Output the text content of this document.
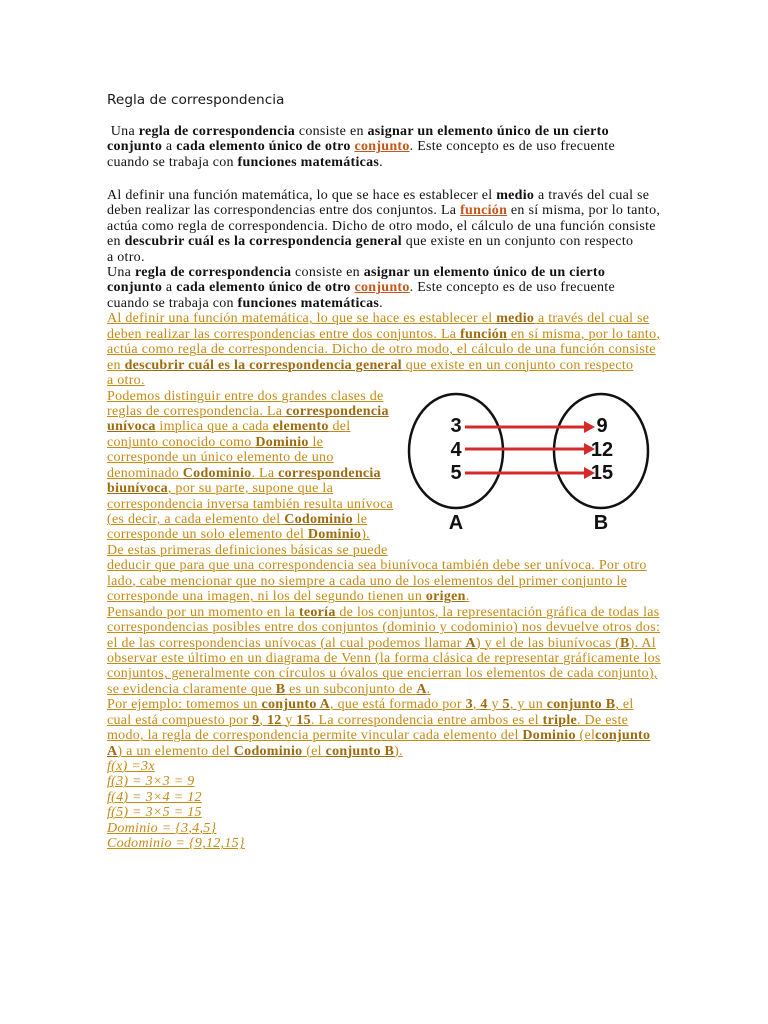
Regla de correspondencia
Una regla de correspondencia consiste en asignar un elemento único de un cierto
conjunto a cada elemento único de otro conjunto. Este concepto es de uso frecuente
cuando se trabaja con funciones matemáticas.
Al definir una función matemática, lo que se hace es establecer el medio a través del cual se
deben realizar las correspondencias entre dos conjuntos. La función en sí misma, por lo tanto,
actúa como regla de correspondencia. Dicho de otro modo, el cálculo de una función consiste
en descubrir cuál es la correspondencia general que existe en un conjunto con respecto
a otro.
Una regla de correspondencia consiste en asignar un elemento único de un cierto
conjunto a cada elemento único de otro conjunto. Este concepto es de uso frecuente
cuando se trabaja con funciones matemáticas.
Al definir una función matemática, lo que se hace es establecer el medio a través del cual se
deben realizar las correspondencias entre dos conjuntos. La función en sí misma, por lo tanto,
actúa como regla de correspondencia. Dicho de otro modo, el cálculo de una función consiste
en descubrir cuál es la correspondencia general que existe en un conjunto con respecto
a otro.
Podemos distinguir entre dos grandes clases de
reglas de correspondencia. La correspondencia
unívoca implica que a cada elemento del
conjunto conocido como Dominio le
corresponde un único elemento de uno
denominado Codominio. La correspondencia
biunívoca, por su parte, supone que la
correspondencia inversa también resulta unívoca
(es decir, a cada elemento del Codominio le
corresponde un solo elemento del Dominio).
De estas primeras definiciones básicas se puede
deducir que para que una correspondencia sea biunívoca también debe ser unívoca. Por otro
lado, cabe mencionar que no siempre a cada uno de los elementos del primer conjunto le
corresponde una imagen, ni los del segundo tienen un origen.
Pensando por un momento en la teoría de los conjuntos, la representación gráfica de todas las
correspondencias posibles entre dos conjuntos (dominio y codominio) nos devuelve otros dos:
el de las correspondencias unívocas (al cual podemos llamar A) y el de las biunívocas (B). Al
observar este último en un diagrama de Venn (la forma clásica de representar gráficamente los
conjuntos, generalmente con círculos u óvalos que encierran los elementos de cada conjunto),
se evidencia claramente que B es un subconjunto de A.
Por ejemplo: tomemos un conjunto A, que está formado por 3, 4 y 5, y un conjunto B, el
cual está compuesto por 9, 12 y 15. La correspondencia entre ambos es el triple. De este
modo, la regla de correspondencia permite vincular cada elemento del Dominio (elconjunto
A) a un elemento del Codominio (el conjunto B).
f(x) =3x
f(3) = 3×3 = 9
f(4) = 3×4 = 12
f(5) = 3×5 = 15
Dominio = {3,4,5}
Codominio = {9,12,15}
3
4
5
9
12
15
A	B
